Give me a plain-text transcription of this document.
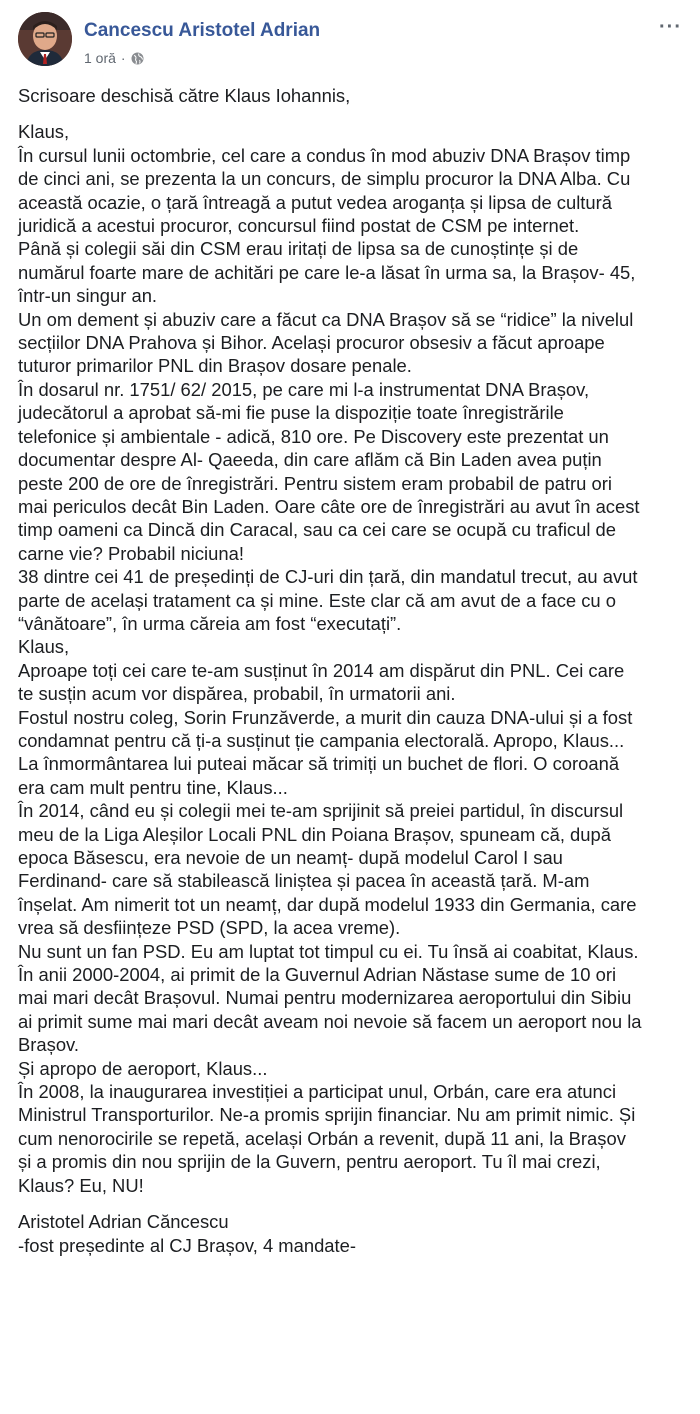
Cancescu Aristotel Adrian
1 oră ·
···

Scrisoare deschisă către Klaus Iohannis,

Klaus,

În cursul lunii octombrie, cel care a condus în mod abuziv DNA Brașov timp

de cinci ani, se prezenta la un concurs, de simplu procuror la DNA Alba. Cu

această ocazie, o țară întreagă a putut vedea aroganța și lipsa de cultură

juridică a acestui procuror, concursul fiind postat de CSM pe internet.

Până și colegii săi din CSM erau iritați de lipsa sa de cunoștințe și de

numărul foarte mare de achitări pe care le-a lăsat în urma sa, la Brașov- 45,

într-un singur an.

Un om dement și abuziv care a făcut ca DNA Brașov să se “ridice” la nivelul

secțiilor DNA Prahova și Bihor. Același procuror obsesiv a făcut aproape

tuturor primarilor PNL din Brașov dosare penale.

În dosarul nr. 1751/ 62/ 2015, pe care mi l-a instrumentat DNA Brașov,

judecătorul a aprobat să-mi fie puse la dispoziție toate înregistrările

telefonice și ambientale - adică, 810 ore. Pe Discovery este prezentat un

documentar despre Al- Qaeeda, din care aflăm că Bin Laden avea puțin

peste 200 de ore de înregistrări. Pentru sistem eram probabil de patru ori

mai periculos decât Bin Laden. Oare câte ore de înregistrări au avut în acest

timp oameni ca Dincă din Caracal, sau ca cei care se ocupă cu traficul de

carne vie? Probabil niciuna!

38 dintre cei 41 de președinți de CJ-uri din țară, din mandatul trecut, au avut

parte de același tratament ca și mine. Este clar că am avut de a face cu o

“vânătoare”, în urma căreia am fost “executați”.

Klaus,

Aproape toți cei care te-am susținut în 2014 am dispărut din PNL. Cei care

te susțin acum vor dispărea, probabil, în urmatorii ani.

Fostul nostru coleg, Sorin Frunzăverde, a murit din cauza DNA-ului și a fost

condamnat pentru că ți-a susținut ție campania electorală. Apropo, Klaus...

La înmormântarea lui puteai măcar să trimiți un buchet de flori. O coroană

era cam mult pentru tine, Klaus...

În 2014, când eu și colegii mei te-am sprijinit să preiei partidul, în discursul

meu de la Liga Aleșilor Locali PNL din Poiana Brașov, spuneam că, după

epoca Băsescu, era nevoie de un neamț- după modelul Carol I sau

Ferdinand- care să stabilească liniștea și pacea în această țară. M-am

înșelat. Am nimerit tot un neamț, dar după modelul 1933 din Germania, care

vrea să desființeze PSD (SPD, la acea vreme).

Nu sunt un fan PSD. Eu am luptat tot timpul cu ei. Tu însă ai coabitat, Klaus.

În anii 2000-2004, ai primit de la Guvernul Adrian Năstase sume de 10 ori

mai mari decât Brașovul. Numai pentru modernizarea aeroportului din Sibiu

ai primit sume mai mari decât aveam noi nevoie să facem un aeroport nou la

Brașov.

Și apropo de aeroport, Klaus...

În 2008, la inaugurarea investiției a participat unul, Orbán, care era atunci

Ministrul Transporturilor. Ne-a promis sprijin financiar. Nu am primit nimic. Și

cum nenorocirile se repetă, același Orbán a revenit, după 11 ani, la Brașov

și a promis din nou sprijin de la Guvern, pentru aeroport. Tu îl mai crezi,

Klaus? Eu, NU!

Aristotel Adrian Căncescu

-fost președinte al CJ Brașov, 4 mandate-
